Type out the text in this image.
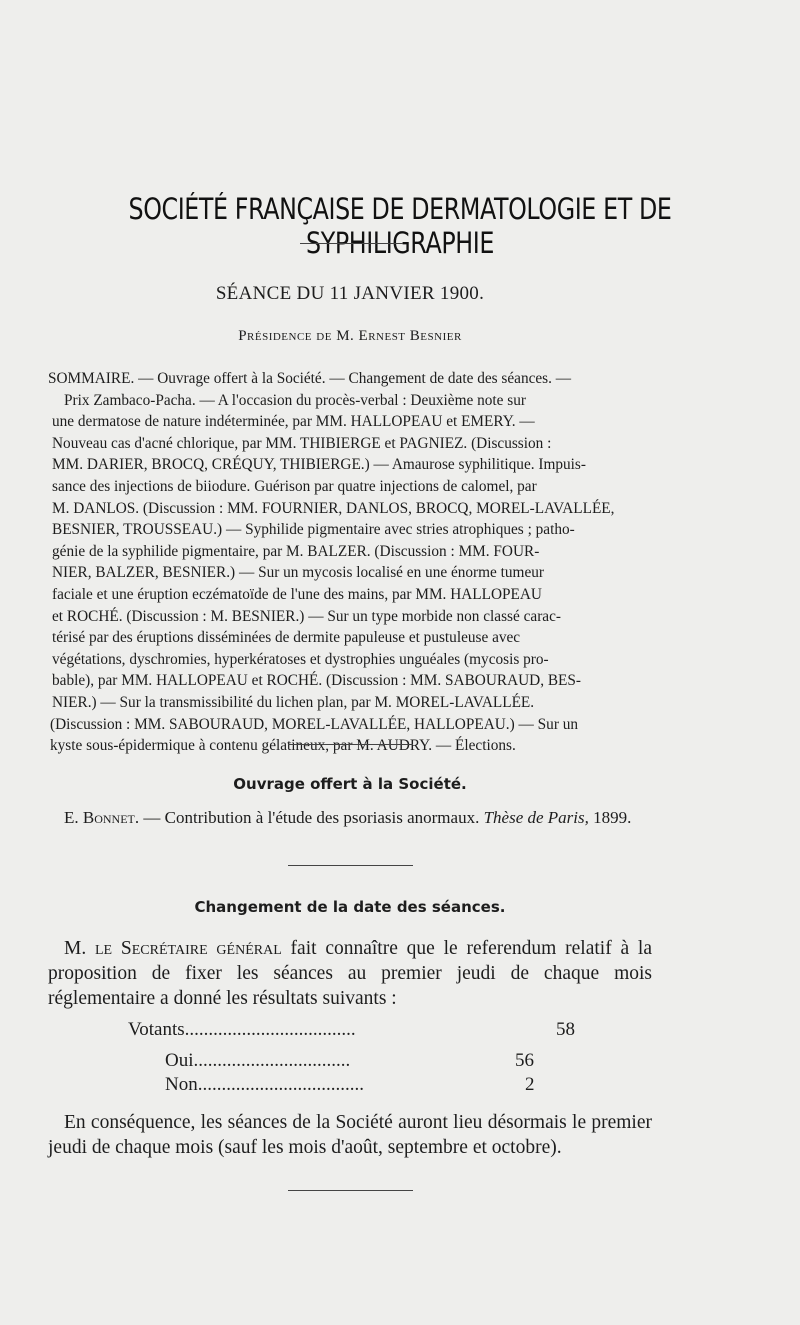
SOCIÉTÉ FRANÇAISE DE DERMATOLOGIE ET DE SYPHILIGRAPHIE
SÉANCE DU 11 JANVIER 1900.
Présidence de M. Ernest Besnier
SOMMAIRE. — Ouvrage offert à la Société. — Changement de date des séances. —
Prix Zambaco-Pacha. — A l'occasion du procès-verbal : Deuxième note sur
une dermatose de nature indéterminée, par MM. HALLOPEAU et EMERY. —
Nouveau cas d'acné chlorique, par MM. THIBIERGE et PAGNIEZ. (Discussion :
MM. DARIER, BROCQ, CRÉQUY, THIBIERGE.) — Amaurose syphilitique. Impuis-
sance des injections de biiodure. Guérison par quatre injections de calomel, par
M. DANLOS. (Discussion : MM. FOURNIER, DANLOS, BROCQ, MOREL-LAVALLÉE,
BESNIER, TROUSSEAU.) — Syphilide pigmentaire avec stries atrophiques ; patho-
génie de la syphilide pigmentaire, par M. BALZER. (Discussion : MM. FOUR-
NIER, BALZER, BESNIER.) — Sur un mycosis localisé en une énorme tumeur
faciale et une éruption eczématoïde de l'une des mains, par MM. HALLOPEAU
et ROCHÉ. (Discussion : M. BESNIER.) — Sur un type morbide non classé carac-
térisé par des éruptions disséminées de dermite papuleuse et pustuleuse avec
végétations, dyschromies, hyperkératoses et dystrophies unguéales (mycosis pro-
bable), par MM. HALLOPEAU et ROCHÉ. (Discussion : MM. SABOURAUD, BES-
NIER.) — Sur la transmissibilité du lichen plan, par M. MOREL-LAVALLÉE.
(Discussion : MM. SABOURAUD, MOREL-LAVALLÉE, HALLOPEAU.) — Sur un
kyste sous-épidermique à contenu gélatineux, par M. AUDRY. — Élections.
Ouvrage offert à la Société.
E. Bonnet. — Contribution à l'étude des psoriasis anormaux. Thèse de Paris, 1899.
Changement de la date des séances.
M. le Secrétaire général fait connaître que le referendum relatif à la proposition de fixer les séances au premier jeudi de chaque mois réglementaire a donné les résultats suivants :
Votants....................................	58
Oui.................................	56
Non...................................	2
En conséquence, les séances de la Société auront lieu désormais le premier jeudi de chaque mois (sauf les mois d'août, septembre et octobre).
